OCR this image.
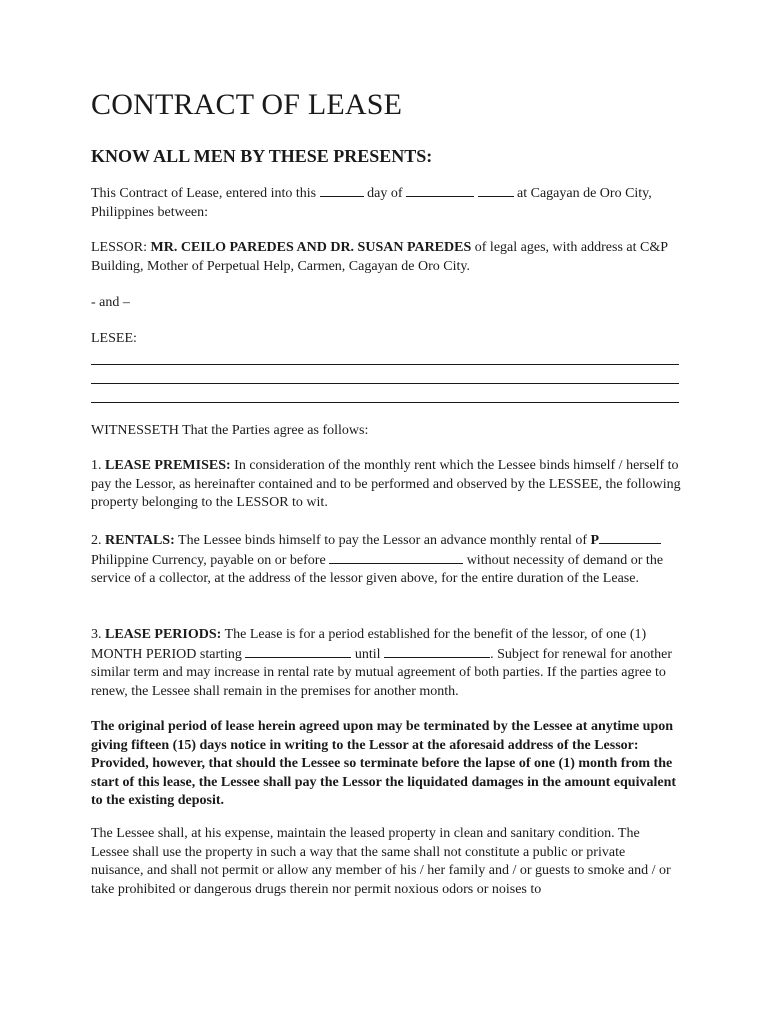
CONTRACT OF LEASE
KNOW ALL MEN BY THESE PRESENTS:

This Contract of Lease, entered into this	day of	at Cagayan de Oro City, Philippines between:

LESSOR: MR. CEILO PAREDES AND DR. SUSAN PAREDES of legal ages, with address at C&P Building, Mother of Perpetual Help, Carmen, Cagayan de Oro City.

- and –

LESEE:

WITNESSETH That the Parties agree as follows:

1. LEASE PREMISES: In consideration of the monthly rent which the Lessee binds himself / herself to pay the Lessor, as hereinafter contained and to be performed and observed by the LESSEE, the following property belonging to the LESSOR to wit.

2. RENTALS: The Lessee binds himself to pay the Lessor an advance monthly rental of P Philippine Currency, payable on or before	without necessity of demand or the service of a collector, at the address of the lessor given above, for the entire duration of the Lease.

3. LEASE PERIODS: The Lease is for a period established for the benefit of the lessor, of one (1) MONTH PERIOD starting	until	. Subject for renewal for another similar term and may increase in rental rate by mutual agreement of both parties. If the parties agree to renew, the Lessee shall remain in the premises for another month.

The original period of lease herein agreed upon may be terminated by the Lessee at anytime upon giving fifteen (15) days notice in writing to the Lessor at the aforesaid address of the Lessor: Provided, however, that should the Lessee so terminate before the lapse of one (1) month from the start of this lease, the Lessee shall pay the Lessor the liquidated damages in the amount equivalent to the existing deposit.

The Lessee shall, at his expense, maintain the leased property in clean and sanitary condition. The Lessee shall use the property in such a way that the same shall not constitute a public or private nuisance, and shall not permit or allow any member of his / her family and / or guests to smoke and / or take prohibited or dangerous drugs therein nor permit noxious odors or noises to
